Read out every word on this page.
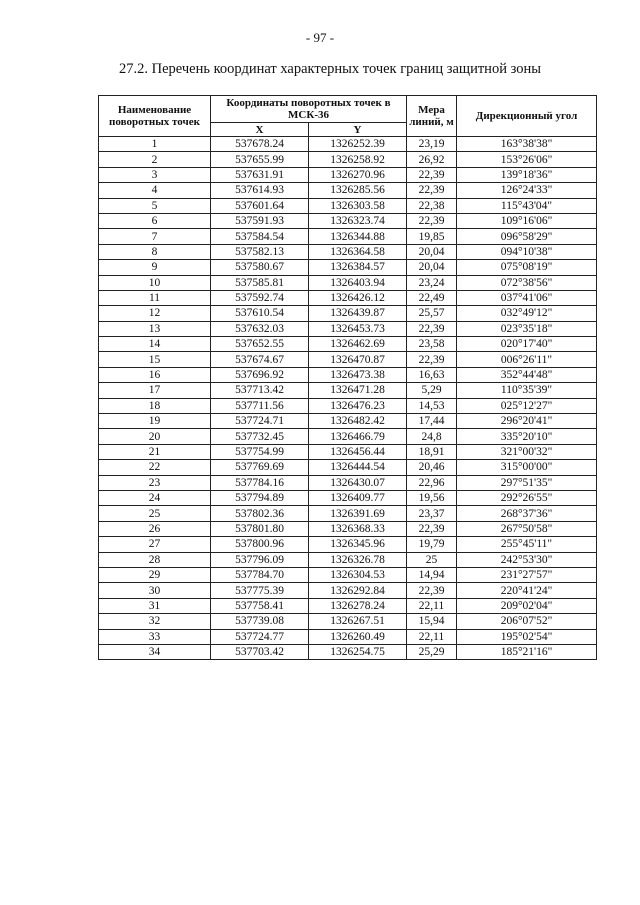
- 97 -
27.2. Перечень координат характерных точек границ защитной зоны
Наименование поворотных точек	Координаты поворотных точек в МСК-36		Мера линий, м	Дирекционный угол
	X	Y		
1	537678.24	1326252.39	23,19	163°38'38"
2	537655.99	1326258.92	26,92	153°26'06"
3	537631.91	1326270.96	22,39	139°18'36"
4	537614.93	1326285.56	22,39	126°24'33"
5	537601.64	1326303.58	22,38	115°43'04"
6	537591.93	1326323.74	22,39	109°16'06"
7	537584.54	1326344.88	19,85	096°58'29"
8	537582.13	1326364.58	20,04	094°10'38"
9	537580.67	1326384.57	20,04	075°08'19"
10	537585.81	1326403.94	23,24	072°38'56"
11	537592.74	1326426.12	22,49	037°41'06"
12	537610.54	1326439.87	25,57	032°49'12"
13	537632.03	1326453.73	22,39	023°35'18"
14	537652.55	1326462.69	23,58	020°17'40"
15	537674.67	1326470.87	22,39	006°26'11"
16	537696.92	1326473.38	16,63	352°44'48"
17	537713.42	1326471.28	5,29	110°35'39"
18	537711.56	1326476.23	14,53	025°12'27"
19	537724.71	1326482.42	17,44	296°20'41"
20	537732.45	1326466.79	24,8	335°20'10"
21	537754.99	1326456.44	18,91	321°00'32"
22	537769.69	1326444.54	20,46	315°00'00"
23	537784.16	1326430.07	22,96	297°51'35"
24	537794.89	1326409.77	19,56	292°26'55"
25	537802.36	1326391.69	23,37	268°37'36"
26	537801.80	1326368.33	22,39	267°50'58"
27	537800.96	1326345.96	19,79	255°45'11"
28	537796.09	1326326.78	25	242°53'30"
29	537784.70	1326304.53	14,94	231°27'57"
30	537775.39	1326292.84	22,39	220°41'24"
31	537758.41	1326278.24	22,11	209°02'04"
32	537739.08	1326267.51	15,94	206°07'52"
33	537724.77	1326260.49	22,11	195°02'54"
34	537703.42	1326254.75	25,29	185°21'16"
